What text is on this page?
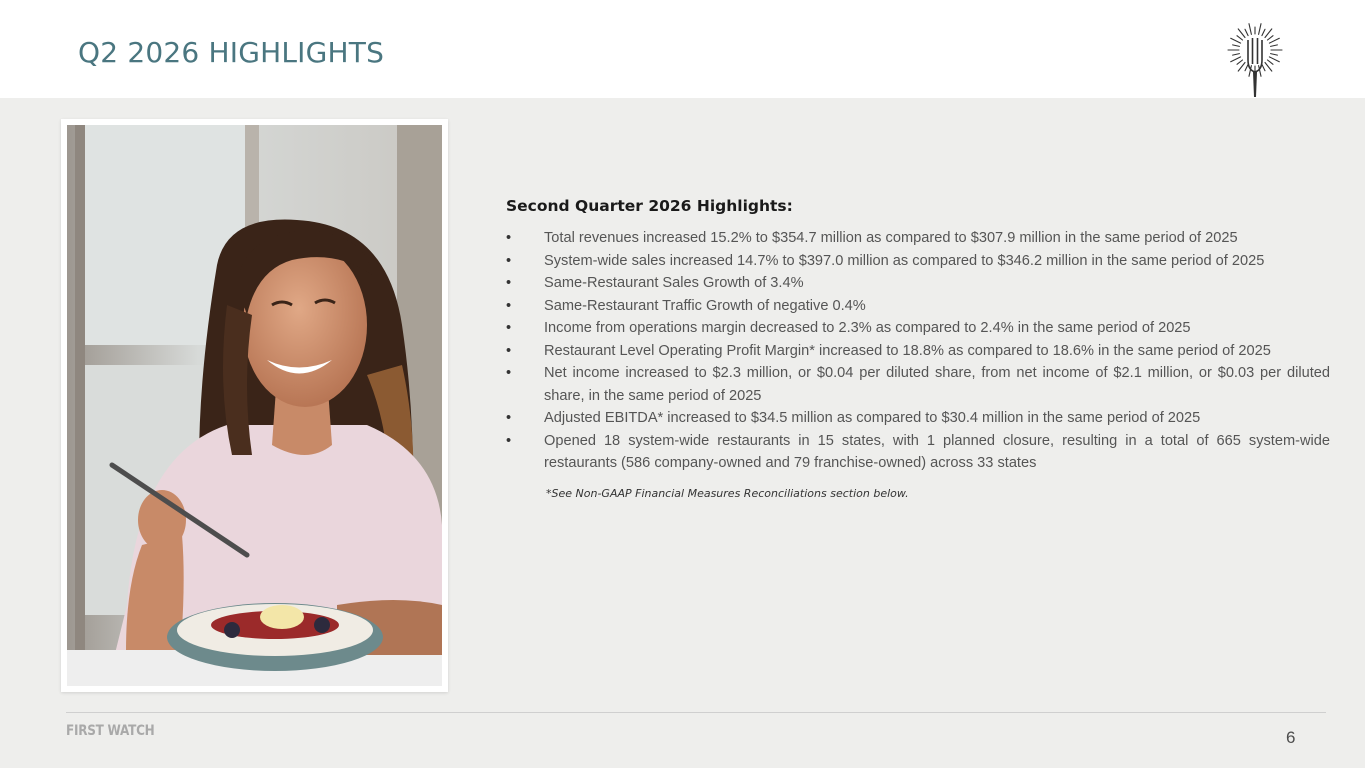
Q2 2026 HIGHLIGHTS
Second Quarter 2026 Highlights:
• Total revenues increased 15.2% to $354.7 million as compared to $307.9 million in the same period of 2025
• System-wide sales increased 14.7% to $397.0 million as compared to $346.2 million in the same period of 2025
• Same-Restaurant Sales Growth of 3.4%
• Same-Restaurant Traffic Growth of negative 0.4%
• Income from operations margin decreased to 2.3% as compared to 2.4% in the same period of 2025
• Restaurant Level Operating Profit Margin* increased to 18.8% as compared to 18.6% in the same period of 2025
• Net income increased to $2.3 million, or $0.04 per diluted share, from net income of $2.1 million, or $0.03 per diluted share, in the same period of 2025
• Adjusted EBITDA* increased to $34.5 million as compared to $30.4 million in the same period of 2025
• Opened 18 system-wide restaurants in 15 states, with 1 planned closure, resulting in a total of 665 system-wide restaurants (586 company-owned and 79 franchise-owned) across 33 states

*See Non-GAAP Financial Measures Reconciliations section below.

FIRST WATCH	6
